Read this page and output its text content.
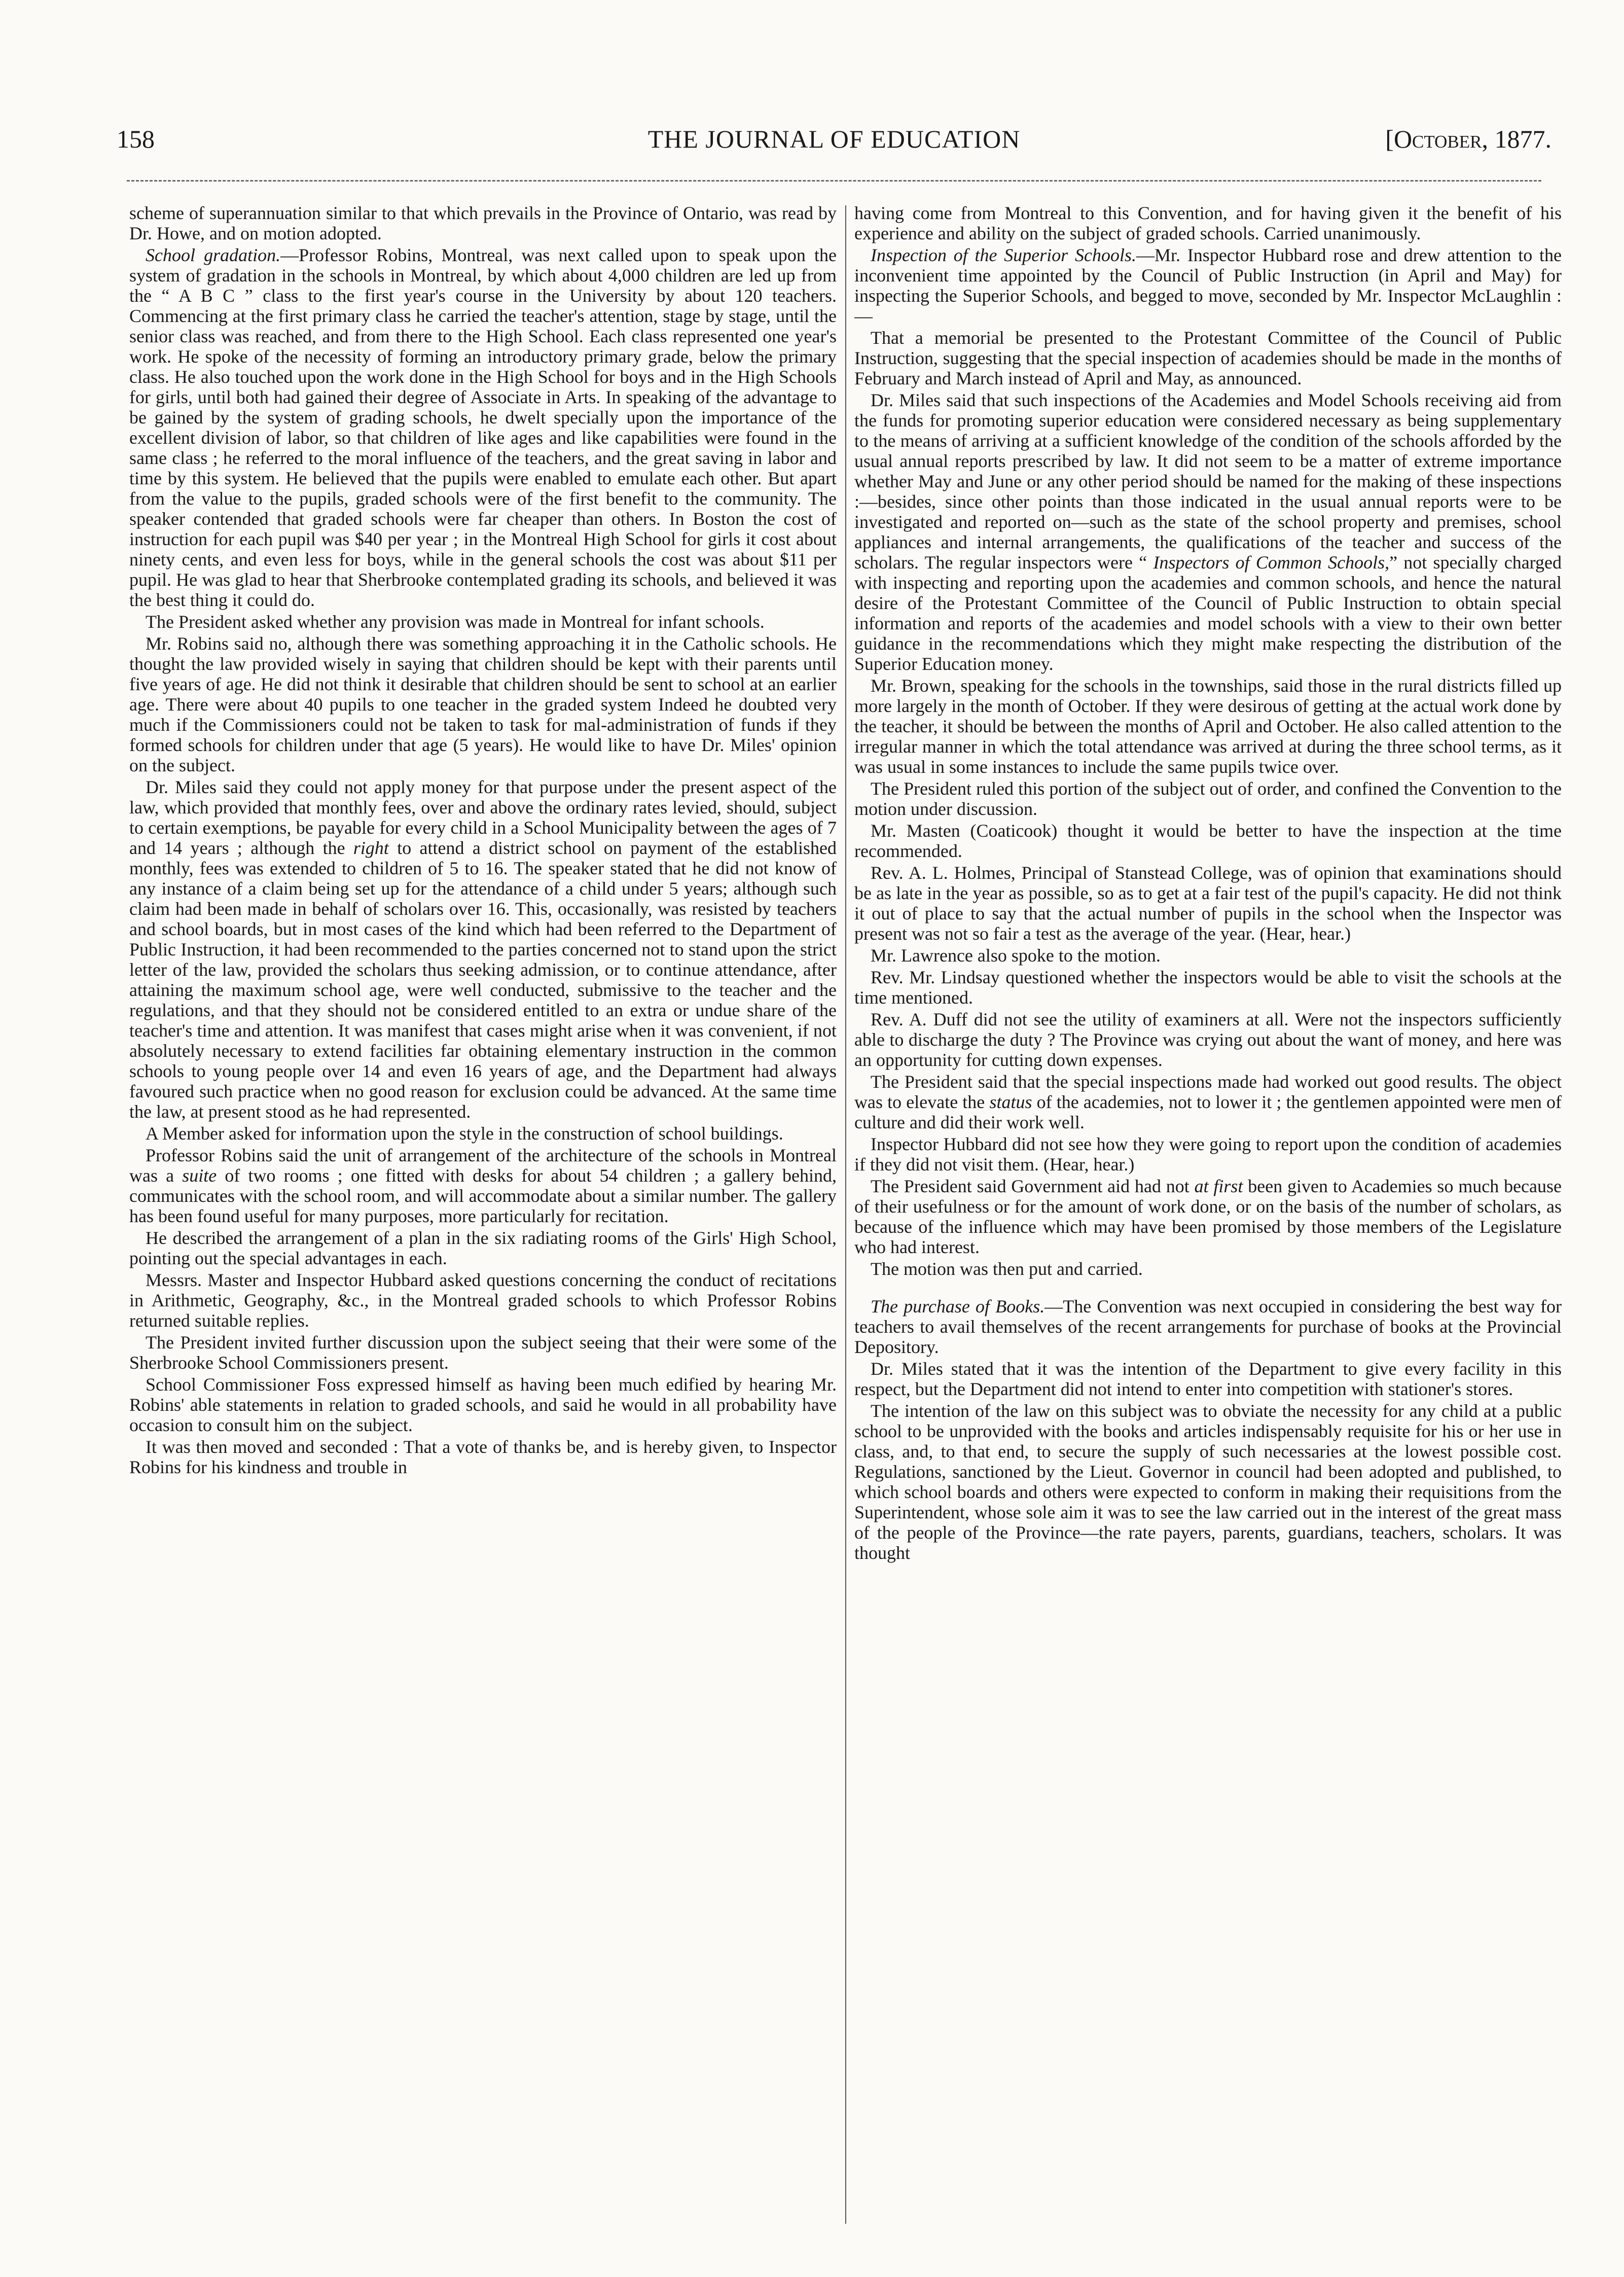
158	THE JOURNAL OF EDUCATION	[October, 1877.

scheme of superannuation similar to that which prevails in the Province of Ontario, was read by Dr. Howe, and on motion adopted.

School gradation.—Professor Robins, Montreal, was next called upon to speak upon the system of gradation in the schools in Montreal, by which about 4,000 children are led up from the “ A B C ” class to the first year's course in the University by about 120 teachers. Commencing at the first primary class he carried the teacher's attention, stage by stage, until the senior class was reached, and from there to the High School. Each class represented one year's work. He spoke of the necessity of forming an introductory primary grade, below the primary class. He also touched upon the work done in the High School for boys and in the High Schools for girls, until both had gained their degree of Associate in Arts. In speaking of the advantage to be gained by the system of grading schools, he dwelt specially upon the importance of the excellent division of labor, so that children of like ages and like capabilities were found in the same class ; he referred to the moral influence of the teachers, and the great saving in labor and time by this system. He believed that the pupils were enabled to emulate each other. But apart from the value to the pupils, graded schools were of the first benefit to the community. The speaker contended that graded schools were far cheaper than others. In Boston the cost of instruction for each pupil was $40 per year ; in the Montreal High School for girls it cost about ninety cents, and even less for boys, while in the general schools the cost was about $11 per pupil. He was glad to hear that Sherbrooke contemplated grading its schools, and believed it was the best thing it could do.

The President asked whether any provision was made in Montreal for infant schools.

Mr. Robins said no, although there was something approaching it in the Catholic schools. He thought the law provided wisely in saying that children should be kept with their parents until five years of age. He did not think it desirable that children should be sent to school at an earlier age. There were about 40 pupils to one teacher in the graded system Indeed he doubted very much if the Commissioners could not be taken to task for mal-administration of funds if they formed schools for children under that age (5 years). He would like to have Dr. Miles' opinion on the subject.

Dr. Miles said they could not apply money for that purpose under the present aspect of the law, which provided that monthly fees, over and above the ordinary rates levied, should, subject to certain exemptions, be payable for every child in a School Municipality between the ages of 7 and 14 years ; although the right to attend a district school on payment of the established monthly, fees was extended to children of 5 to 16. The speaker stated that he did not know of any instance of a claim being set up for the attendance of a child under 5 years; although such claim had been made in behalf of scholars over 16. This, occasionally, was resisted by teachers and school boards, but in most cases of the kind which had been referred to the Department of Public Instruction, it had been recommended to the parties concerned not to stand upon the strict letter of the law, provided the scholars thus seeking admission, or to continue attendance, after attaining the maximum school age, were well conducted, submissive to the teacher and the regulations, and that they should not be considered entitled to an extra or undue share of the teacher's time and attention. It was manifest that cases might arise when it was convenient, if not absolutely necessary to extend facilities far obtaining elementary instruction in the common schools to young people over 14 and even 16 years of age, and the Department had always favoured such practice when no good reason for exclusion could be advanced. At the same time the law, at present stood as he had represented.

A Member asked for information upon the style in the construction of school buildings.

Professor Robins said the unit of arrangement of the architecture of the schools in Montreal was a suite of two rooms ; one fitted with desks for about 54 children ; a gallery behind, communicates with the school room, and will accommodate about a similar number. The gallery has been found useful for many purposes, more particularly for recitation.

He described the arrangement of a plan in the six radiating rooms of the Girls' High School, pointing out the special advantages in each.

Messrs. Master and Inspector Hubbard asked questions concerning the conduct of recitations in Arithmetic, Geography, &c., in the Montreal graded schools to which Professor Robins returned suitable replies.

The President invited further discussion upon the subject seeing that their were some of the Sherbrooke School Commissioners present.

School Commissioner Foss expressed himself as having been much edified by hearing Mr. Robins' able statements in relation to graded schools, and said he would in all probability have occasion to consult him on the subject.

It was then moved and seconded : That a vote of thanks be, and is hereby given, to Inspector Robins for his kindness and trouble in

having come from Montreal to this Convention, and for having given it the benefit of his experience and ability on the subject of graded schools. Carried unanimously.

Inspection of the Superior Schools.—Mr. Inspector Hubbard rose and drew attention to the inconvenient time appointed by the Council of Public Instruction (in April and May) for inspecting the Superior Schools, and begged to move, seconded by Mr. Inspector McLaughlin :—

That a memorial be presented to the Protestant Committee of the Council of Public Instruction, suggesting that the special inspection of academies should be made in the months of February and March instead of April and May, as announced.

Dr. Miles said that such inspections of the Academies and Model Schools receiving aid from the funds for promoting superior education were considered necessary as being supplementary to the means of arriving at a sufficient knowledge of the condition of the schools afforded by the usual annual reports prescribed by law. It did not seem to be a matter of extreme importance whether May and June or any other period should be named for the making of these inspections :—besides, since other points than those indicated in the usual annual reports were to be investigated and reported on—such as the state of the school property and premises, school appliances and internal arrangements, the qualifications of the teacher and success of the scholars. The regular inspectors were “ Inspectors of Common Schools,” not specially charged with inspecting and reporting upon the academies and common schools, and hence the natural desire of the Protestant Committee of the Council of Public Instruction to obtain special information and reports of the academies and model schools with a view to their own better guidance in the recommendations which they might make respecting the distribution of the Superior Education money.

Mr. Brown, speaking for the schools in the townships, said those in the rural districts filled up more largely in the month of October. If they were desirous of getting at the actual work done by the teacher, it should be between the months of April and October. He also called attention to the irregular manner in which the total attendance was arrived at during the three school terms, as it was usual in some instances to include the same pupils twice over.

The President ruled this portion of the subject out of order, and confined the Convention to the motion under discussion.

Mr. Masten (Coaticook) thought it would be better to have the inspection at the time recommended.

Rev. A. L. Holmes, Principal of Stanstead College, was of opinion that examinations should be as late in the year as possible, so as to get at a fair test of the pupil's capacity. He did not think it out of place to say that the actual number of pupils in the school when the Inspector was present was not so fair a test as the average of the year. (Hear, hear.)

Mr. Lawrence also spoke to the motion.

Rev. Mr. Lindsay questioned whether the inspectors would be able to visit the schools at the time mentioned.

Rev. A. Duff did not see the utility of examiners at all. Were not the inspectors sufficiently able to discharge the duty ? The Province was crying out about the want of money, and here was an opportunity for cutting down expenses.

The President said that the special inspections made had worked out good results. The object was to elevate the status of the academies, not to lower it ; the gentlemen appointed were men of culture and did their work well.

Inspector Hubbard did not see how they were going to report upon the condition of academies if they did not visit them. (Hear, hear.)

The President said Government aid had not at first been given to Academies so much because of their usefulness or for the amount of work done, or on the basis of the number of scholars, as because of the influence which may have been promised by those members of the Legislature who had interest.

The motion was then put and carried.

The purchase of Books.—The Convention was next occupied in considering the best way for teachers to avail themselves of the recent arrangements for purchase of books at the Provincial Depository.

Dr. Miles stated that it was the intention of the Department to give every facility in this respect, but the Department did not intend to enter into competition with stationer's stores.

The intention of the law on this subject was to obviate the necessity for any child at a public school to be unprovided with the books and articles indispensably requisite for his or her use in class, and, to that end, to secure the supply of such necessaries at the lowest possible cost. Regulations, sanctioned by the Lieut. Governor in council had been adopted and published, to which school boards and others were expected to conform in making their requisitions from the Superintendent, whose sole aim it was to see the law carried out in the interest of the great mass of the people of the Province—the rate payers, parents, guardians, teachers, scholars. It was thought
